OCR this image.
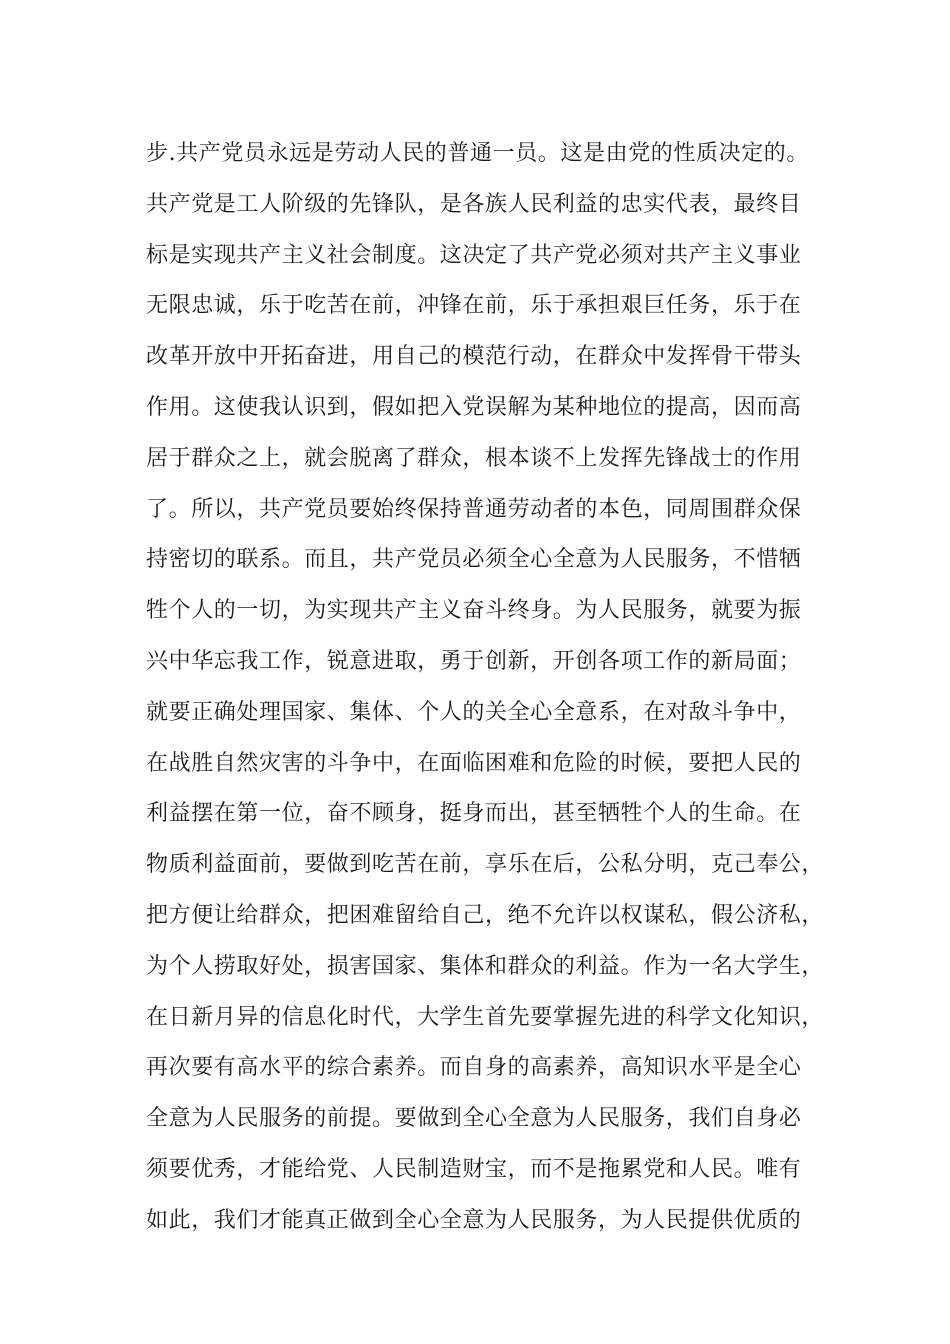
步.共产党员永远是劳动人民的普通一员。这是由党的性质决定的。
共产党是工人阶级的先锋队，是各族人民利益的忠实代表，最终目
标是实现共产主义社会制度。这决定了共产党必须对共产主义事业
无限忠诚，乐于吃苦在前，冲锋在前，乐于承担艰巨任务，乐于在
改革开放中开拓奋进，用自己的模范行动，在群众中发挥骨干带头
作用。这使我认识到，假如把入党误解为某种地位的提高，因而高
居于群众之上，就会脱离了群众，根本谈不上发挥先锋战士的作用
了。所以，共产党员要始终保持普通劳动者的本色，同周围群众保
持密切的联系。而且，共产党员必须全心全意为人民服务，不惜牺
牲个人的一切，为实现共产主义奋斗终身。为人民服务，就要为振
兴中华忘我工作，锐意进取，勇于创新，开创各项工作的新局面；
就要正确处理国家、集体、个人的关全心全意系，在对敌斗争中，
在战胜自然灾害的斗争中，在面临困难和危险的时候，要把人民的
利益摆在第一位，奋不顾身，挺身而出，甚至牺牲个人的生命。在
物质利益面前，要做到吃苦在前，享乐在后，公私分明，克己奉公，
把方便让给群众，把困难留给自己，绝不允许以权谋私，假公济私，
为个人捞取好处，损害国家、集体和群众的利益。作为一名大学生，
在日新月异的信息化时代，大学生首先要掌握先进的科学文化知识，
再次要有高水平的综合素养。而自身的高素养，高知识水平是全心
全意为人民服务的前提。要做到全心全意为人民服务，我们自身必
须要优秀，才能给党、人民制造财宝，而不是拖累党和人民。唯有
如此，我们才能真正做到全心全意为人民服务，为人民提供优质的
